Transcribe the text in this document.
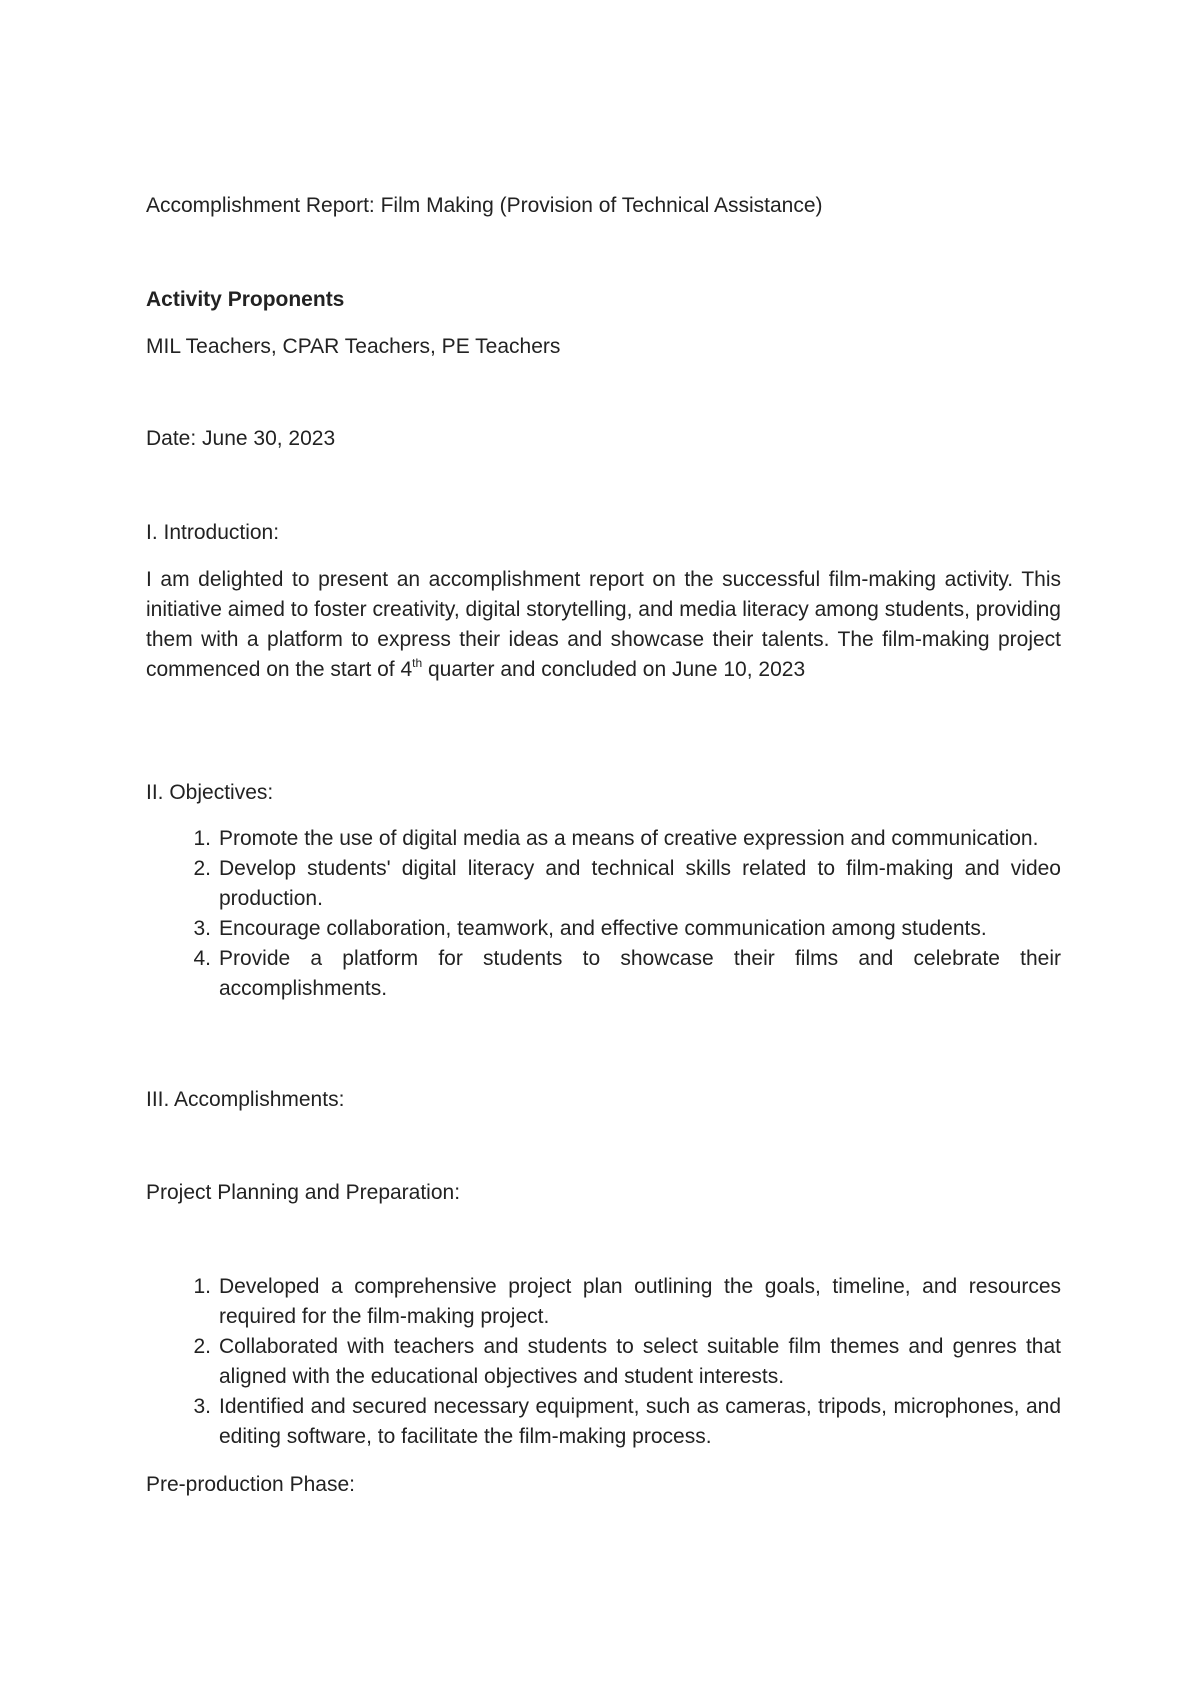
Accomplishment Report: Film Making (Provision of Technical Assistance)
Activity Proponents
MIL Teachers, CPAR Teachers, PE Teachers
Date: June 30, 2023
I. Introduction:
I am delighted to present an accomplishment report on the successful film-making activity. This initiative aimed to foster creativity, digital storytelling, and media literacy among students, providing them with a platform to express their ideas and showcase their talents. The film-making project commenced on the start of 4th quarter and concluded on June 10, 2023
II. Objectives:
1. Promote the use of digital media as a means of creative expression and communication.
2. Develop students' digital literacy and technical skills related to film-making and video production.
3. Encourage collaboration, teamwork, and effective communication among students.
4. Provide a platform for students to showcase their films and celebrate their accomplishments.
III. Accomplishments:
Project Planning and Preparation:
1. Developed a comprehensive project plan outlining the goals, timeline, and resources required for the film-making project.
2. Collaborated with teachers and students to select suitable film themes and genres that aligned with the educational objectives and student interests.
3. Identified and secured necessary equipment, such as cameras, tripods, microphones, and editing software, to facilitate the film-making process.
Pre-production Phase:
